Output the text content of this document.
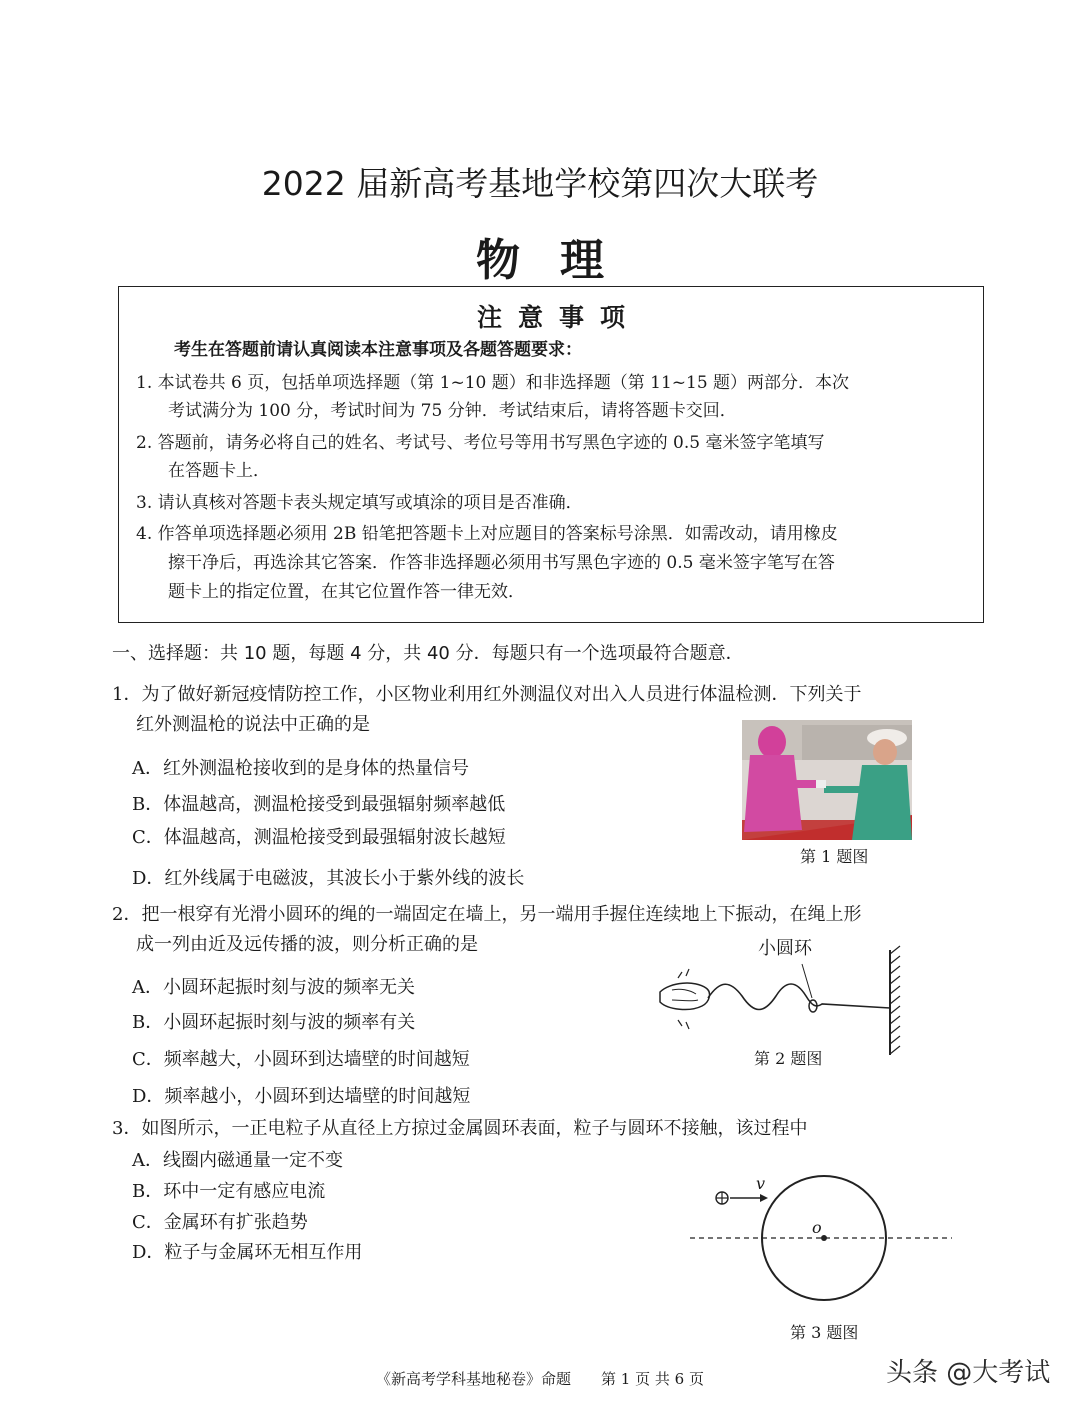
2022 届新高考基地学校第四次大联考
物理
注意事项
考生在答题前请认真阅读本注意事项及各题答题要求：
1. 本试卷共 6 页，包括单项选择题（第 1~10 题）和非选择题（第 11~15 题）两部分．本次
考试满分为 100 分，考试时间为 75 分钟．考试结束后，请将答题卡交回．
2. 答题前，请务必将自己的姓名、考试号、考位号等用书写黑色字迹的 0.5 毫米签字笔填写
在答题卡上．
3. 请认真核对答题卡表头规定填写或填涂的项目是否准确．
4. 作答单项选择题必须用 2B 铅笔把答题卡上对应题目的答案标号涂黑．如需改动，请用橡皮
擦干净后，再选涂其它答案．作答非选择题必须用书写黑色字迹的 0.5 毫米签字笔写在答
题卡上的指定位置，在其它位置作答一律无效．
一、选择题：共 10 题，每题 4 分，共 40 分．每题只有一个选项最符合题意．
1．为了做好新冠疫情防控工作，小区物业利用红外测温仪对出入人员进行体温检测．下列关于
红外测温枪的说法中正确的是
A．红外测温枪接收到的是身体的热量信号
B．体温越高，测温枪接受到最强辐射频率越低
C．体温越高，测温枪接受到最强辐射波长越短
D．红外线属于电磁波，其波长小于紫外线的波长
第 1 题图
2．把一根穿有光滑小圆环的绳的一端固定在墙上，另一端用手握住连续地上下振动，在绳上形
成一列由近及远传播的波，则分析正确的是
A．小圆环起振时刻与波的频率无关
B．小圆环起振时刻与波的频率有关
C．频率越大，小圆环到达墙壁的时间越短
D．频率越小，小圆环到达墙壁的时间越短
小圆环
第 2 题图
3．如图所示，一正电粒子从直径上方掠过金属圆环表面，粒子与圆环不接触，该过程中
A．线圈内磁通量一定不变
B．环中一定有感应电流
C．金属环有扩张趋势
D．粒子与金属环无相互作用
v
o
第 3 题图
《新高考学科基地秘卷》命题　　第 1 页 共 6 页	头条 @大考试
